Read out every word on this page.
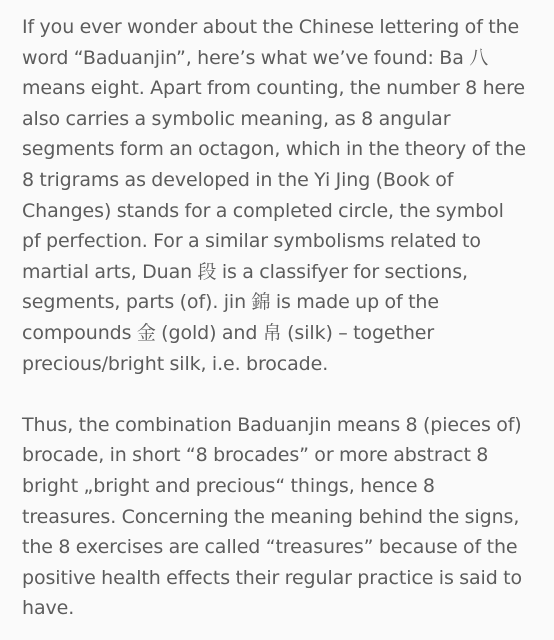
If you ever wonder about the Chinese lettering of the
word “Baduanjin”, here’s what we’ve found: Ba 八
means eight. Apart from counting, the number 8 here
also carries a symbolic meaning, as 8 angular
segments form an octagon, which in the theory of the
8 trigrams as developed in the Yi Jing (Book of
Changes) stands for a completed circle, the symbol
pf perfection. For a similar symbolisms related to
martial arts, Duan 段 is a classifyer for sections,
segments, parts (of). jin 錦 is made up of the
compounds 金 (gold) and 帛 (silk) – together
precious/bright silk, i.e. brocade.

Thus, the combination Baduanjin means 8 (pieces of)
brocade, in short “8 brocades” or more abstract 8
bright „bright and precious“ things, hence 8
treasures. Concerning the meaning behind the signs,
the 8 exercises are called “treasures” because of the
positive health effects their regular practice is said to
have.
